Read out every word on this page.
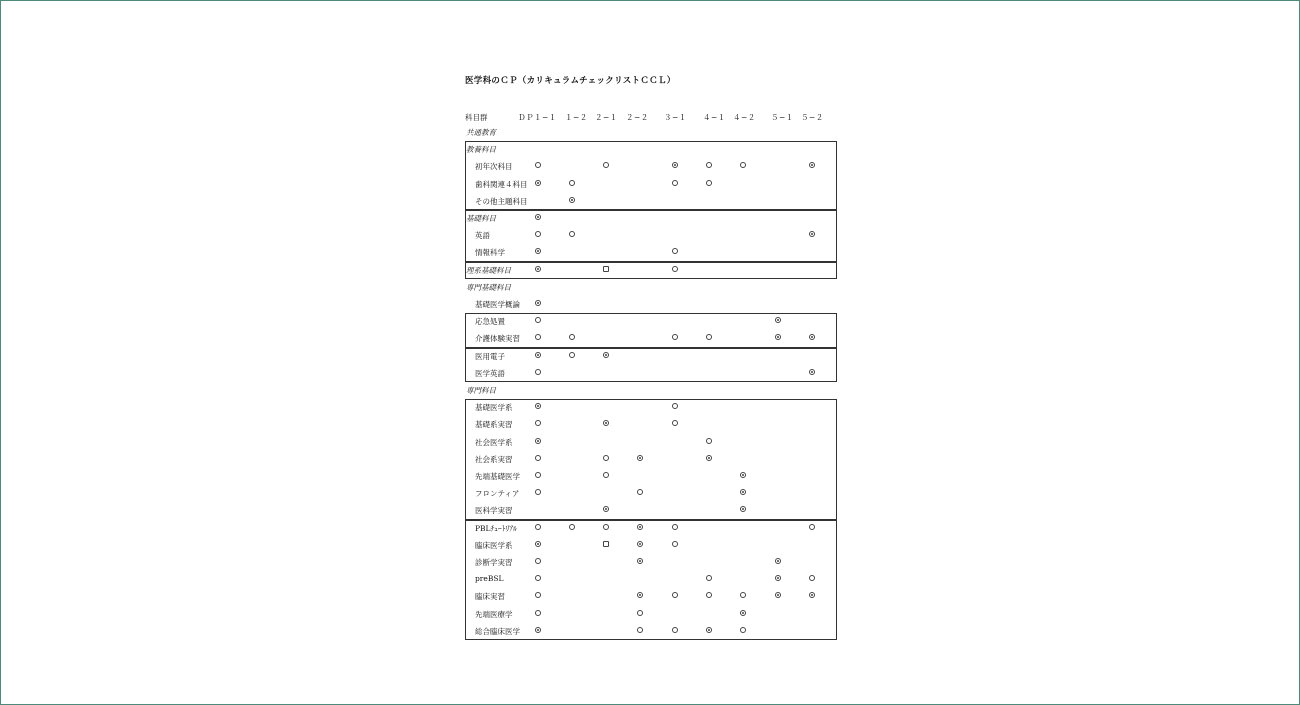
医学科のＣＰ（カリキュラムチェックリストＣＣＬ）
科目群	ＤＰ１−１ １−２ ２−１ ２−２ ３−１ ４−１ ４−２ ５−１ ５−２
共通教育
教養科目
初年次科目
歯科関連４科目
その他主題科目
基礎科目
英語
情報科学
理系基礎科目
専門基礎科目
基礎医学概論
応急処置
介護体験実習
医用電子
医学英語
専門科目
基礎医学系
基礎系実習
社会医学系
社会系実習
先端基礎医学
フロンティア
医科学実習
PBLﾁｭｰﾄﾘｱﾙ
臨床医学系
診断学実習
preBSL
臨床実習
先端医療学
総合臨床医学
